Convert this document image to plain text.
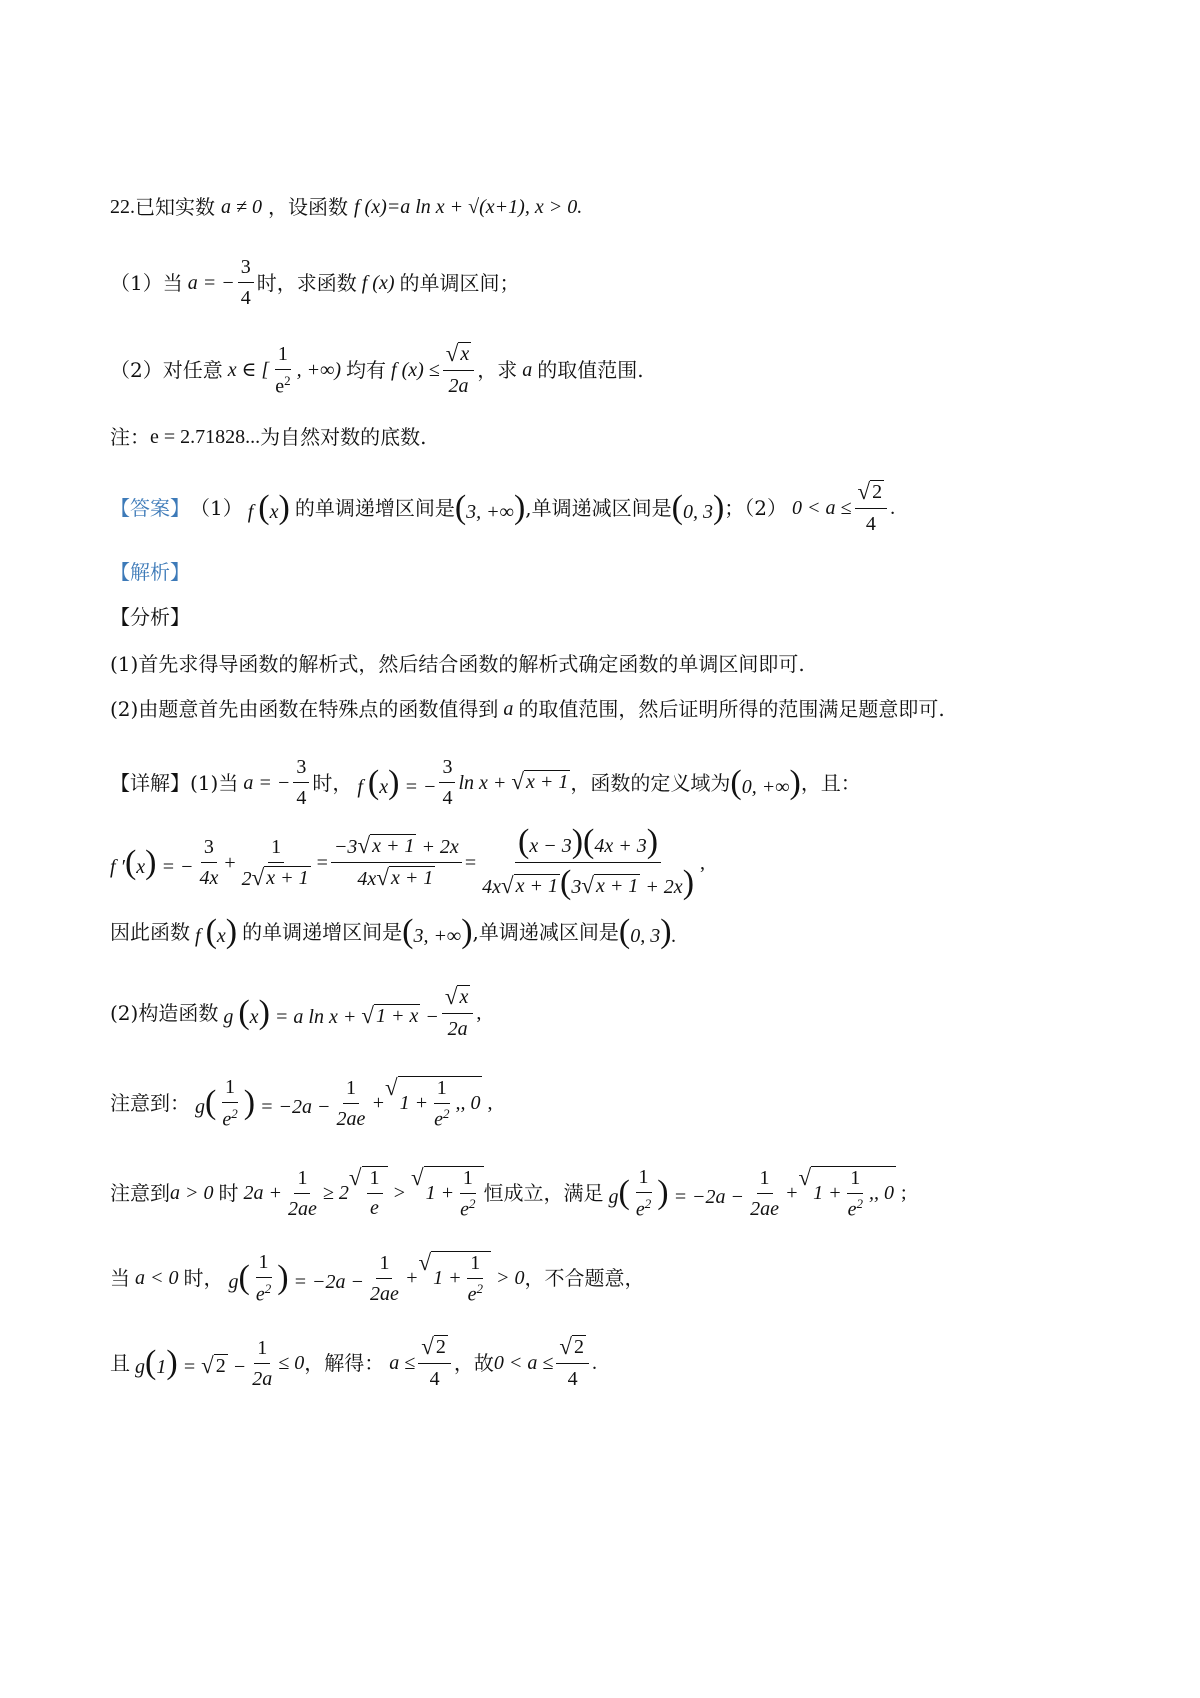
22. 已知实数 a ≠ 0 ，设函数 f (x)=a ln x + √(x+1), x > 0.
（1）当 a = − $\frac{3}{4}$ 时，求函数 f (x) 的单调区间；
（2）对任意 x ∈ [ $\frac{1}{e^2}$ , +∞) 均有 f $(x) \le \frac{√ x}{2a}$ ，求 a 的取值范围.
注： e = 2.71828... 为自然对数的底数.
【答案】 （1） f (x) 的单调递增区间是 (3, +∞) ,单调递减区间是 (0, 3) ；（2） $0 < a \le \frac{√ 2}{4}$ .
【解析】
【分析】
(1)首先求得导函数的解析式，然后结合函数的解析式确定函数的单调区间即可.
(2)由题意首先由函数在特殊点的函数值得到 a 的取值范围，然后证明所得的范围满足题意即可.
【详解】 (1)当 a = − $\frac{3}{4}$ 时， f (x) = − $\frac{3}{4}$ ln x + √ x + 1 ，函数的定义域为 (0, +∞) ，且：
f ′(x) = − $\frac{3}{4x} + \frac{1}{2 √ x + 1} = \frac{-3 √ x + 1 + 2x}{4x √ x + 1} = \frac{(x - 3)(4x + 3)}{4x √ x + 1 (3 √ x + 1 + 2x)}$ ,
因此函数 f (x) 的单调递增区间是 (3, +∞) ,单调递减区间是 (0, 3).
(2)构造函数 g (x) = a ln x + √ $1 + x - \frac{√ x}{2a}$ ,
注意到： $g( \frac{1}{e^2}$ ) = $-2a - \frac{1}{2ae}$ +
√
$1 + \frac{1}{e^2}$ ,, 0 ,
注意到 a > 0 时 $2a + \frac{1}{2ae} \ge 2$
√ $\frac{1}{e}$ >
√
$1 + \frac{1}{e^2}$ 恒成立，满足 $g( \frac{1}{e^2}$ ) = $-2a - \frac{1}{2ae}$ +
√
$1 + \frac{1}{e^2}$ ,, 0 ;
当 a < 0 时， $g( \frac{1}{e^2}$ ) = $-2a - \frac{1}{2ae}$ +
√
$1 + \frac{1}{e^2} > 0$ ，不合题意，
且 g(1) = √ $2 - \frac{1}{2a} \le 0$ ，解得： $a \le \frac{√ 2}{4}$ ，故 $0 < a \le \frac{√ 2}{4}$ .
